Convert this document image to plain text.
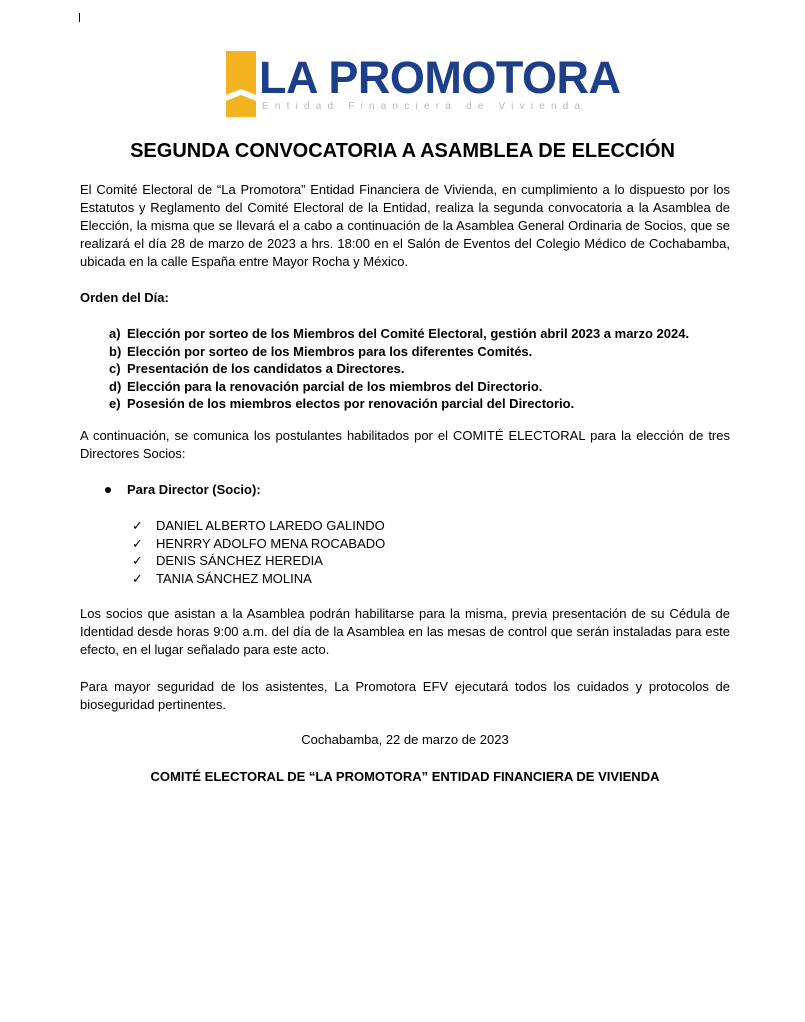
LA PROMOTORA
Entidad Financiera de Vivienda
SEGUNDA CONVOCATORIA A ASAMBLEA DE ELECCIÓN
El Comité Electoral de “La Promotora” Entidad Financiera de Vivienda, en cumplimiento a lo dispuesto por los Estatutos y Reglamento del Comité Electoral de la Entidad, realiza la segunda convocatoria a la Asamblea de Elección, la misma que se llevará el a cabo a continuación de la Asamblea General Ordinaria de Socios, que se realizará el día 28 de marzo de 2023 a hrs. 18:00 en el Salón de Eventos del Colegio Médico de Cochabamba, ubicada en la calle España entre Mayor Rocha y México.
Orden del Día:
a) Elección por sorteo de los Miembros del Comité Electoral, gestión abril 2023 a marzo 2024.
b) Elección por sorteo de los Miembros para los diferentes Comités.
c) Presentación de los candidatos a Directores.
d) Elección para la renovación parcial de los miembros del Directorio.
e) Posesión de los miembros electos por renovación parcial del Directorio.
A continuación, se comunica los postulantes habilitados por el COMITÉ ELECTORAL para la elección de tres Directores Socios:
Para Director (Socio):
✓ DANIEL ALBERTO LAREDO GALINDO
✓ HENRRY ADOLFO MENA ROCABADO
✓ DENIS SÁNCHEZ HEREDIA
✓ TANIA SÁNCHEZ MOLINA
Los socios que asistan a la Asamblea podrán habilitarse para la misma, previa presentación de su Cédula de Identidad desde horas 9:00 a.m. del día de la Asamblea en las mesas de control que serán instaladas para este efecto, en el lugar señalado para este acto.
Para mayor seguridad de los asistentes, La Promotora EFV ejecutará todos los cuidados y protocolos de bioseguridad pertinentes.
Cochabamba, 22 de marzo de 2023
COMITÉ ELECTORAL DE “LA PROMOTORA” ENTIDAD FINANCIERA DE VIVIENDA
